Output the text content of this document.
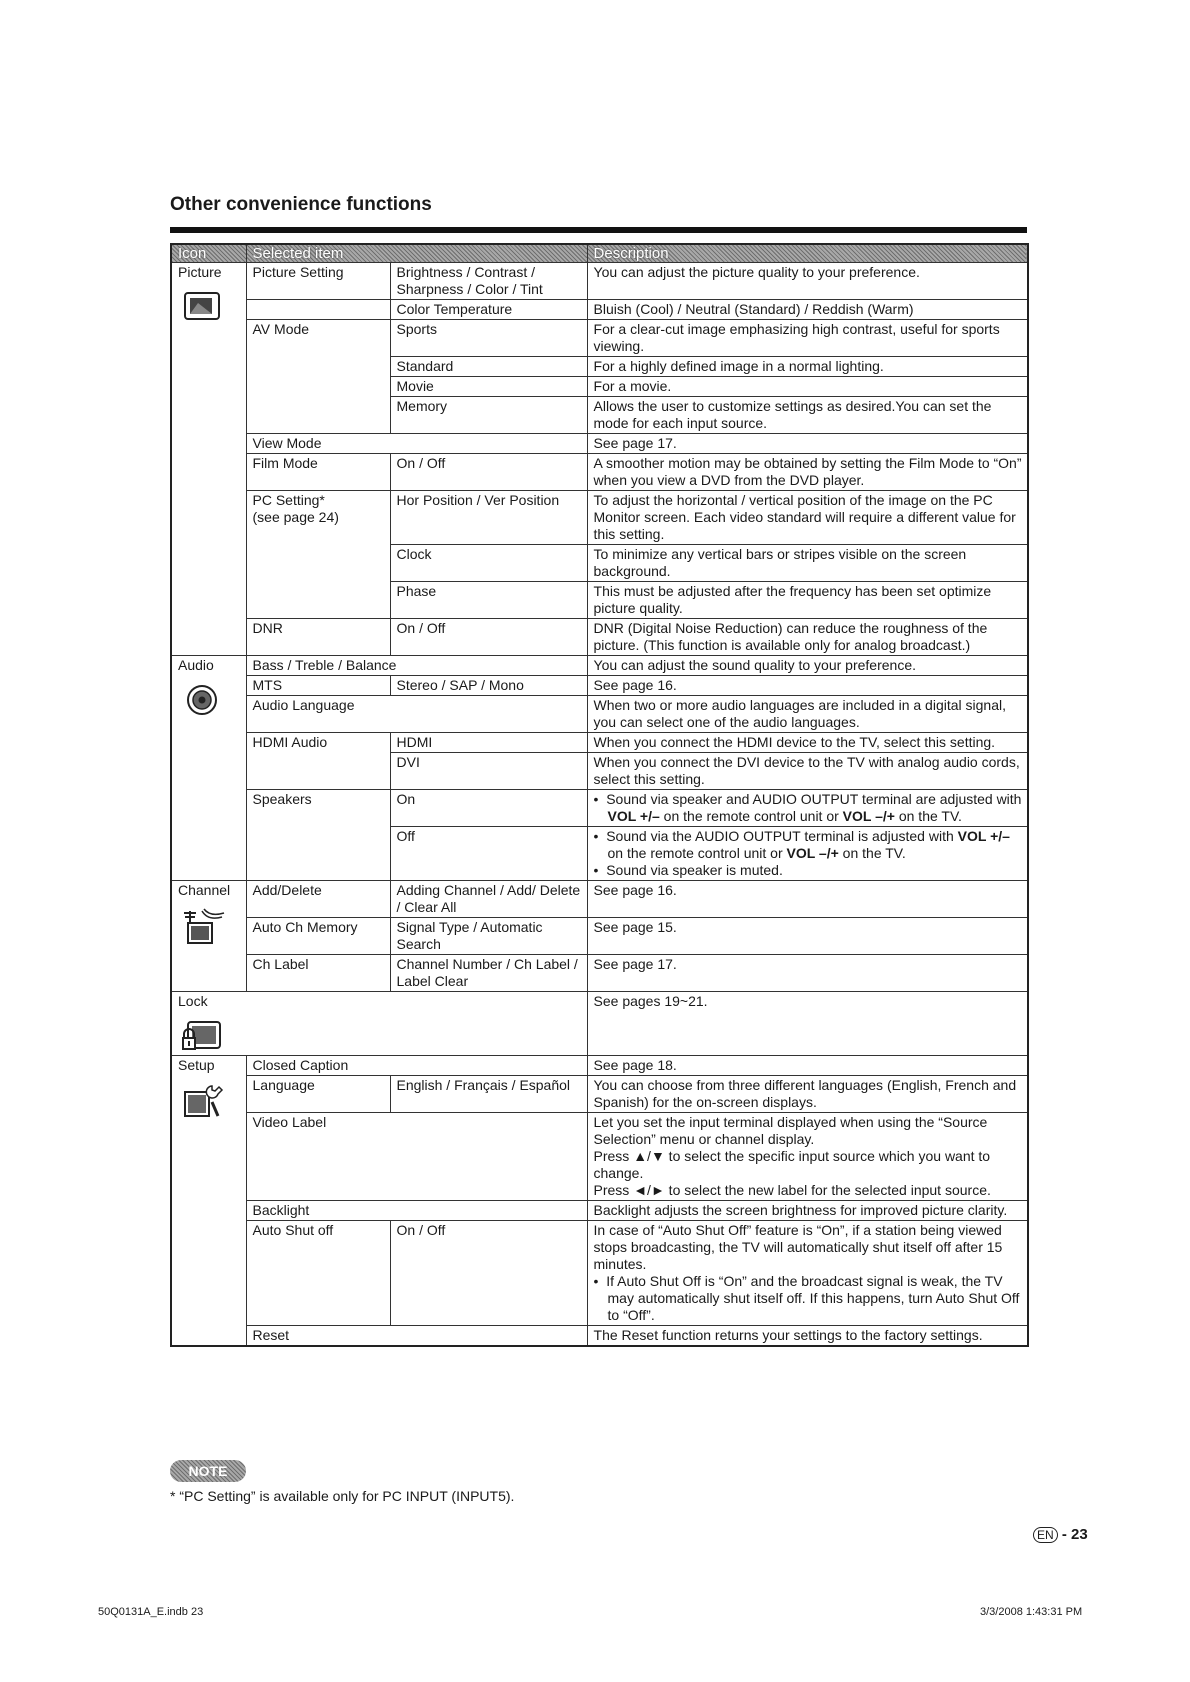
Other convenience functions
Icon	Selected item		Description
Picture	Picture Setting	Brightness / Contrast / Sharpness / Color / Tint	You can adjust the picture quality to your preference.
		Color Temperature	Bluish (Cool) / Neutral (Standard) / Reddish (Warm)
	AV Mode	Sports	For a clear-cut image emphasizing high contrast, useful for sports viewing.
		Standard	For a highly defined image in a normal lighting.
		Movie	For a movie.
		Memory	Allows the user to customize settings as desired.You can set the mode for each input source.
	View Mode		See page 17.
	Film Mode	On / Off	A smoother motion may be obtained by setting the Film Mode to “On” when you view a DVD from the DVD player.
	PC Setting*
(see page 24)	Hor Position / Ver Position	To adjust the horizontal / vertical position of the image on the PC Monitor screen. Each video standard will require a different value for this setting.
		Clock	To minimize any vertical bars or stripes visible on the screen background.
		Phase	This must be adjusted after the frequency has been set optimize picture quality.
	DNR	On / Off	DNR (Digital Noise Reduction) can reduce the roughness of the picture. (This function is available only for analog broadcast.)
Audio	Bass / Treble / Balance		You can adjust the sound quality to your preference.
	MTS	Stereo / SAP / Mono	See page 16.
	Audio Language		When two or more audio languages are included in a digital signal, you can select one of the audio languages.
	HDMI Audio	HDMI	When you connect the HDMI device to the TV, select this setting.
		DVI	When you connect the DVI device to the TV with analog audio cords, select this setting.
	Speakers	On	•  Sound via speaker and AUDIO OUTPUT terminal are adjusted with VOL +/– on the remote control unit or VOL –/+ on the TV.

		Off	•  Sound via the AUDIO OUTPUT terminal is adjusted with VOL +/– on the remote control unit or VOL –/+ on the TV.
•  Sound via speaker is muted.

Channel	Add/Delete	Adding Channel / Add/ Delete / Clear All	See page 16.
	Auto Ch Memory	Signal Type / Automatic Search	See page 15.
	Ch Label	Channel Number / Ch Label / Label Clear	See page 17.
Lock			See pages 19~21.
Setup	Closed Caption		See page 18.
	Language	English / Français / Español	You can choose from three different languages (English, French and Spanish) for the on-screen displays.
	Video Label		Let you set the input terminal displayed when using the “Source Selection” menu or channel display.
Press ▲/▼ to select the specific input source which you want to change.
Press ◄/► to select the new label for the selected input source.

	Backlight		Backlight adjusts the screen brightness for improved picture clarity.
	Auto Shut off	On / Off	In case of “Auto Shut Off” feature is “On”, if a station being viewed stops broadcasting, the TV will automatically shut itself off after 15 minutes.
•  If Auto Shut Off is “On” and the broadcast signal is weak, the TV may automatically shut itself off. If this happens, turn Auto Shut Off to “Off”.

	Reset		The Reset function returns your settings to the factory settings.
NOTE
* “PC Setting” is available only for PC INPUT (INPUT5).
EN - 23
50Q0131A_E.indb 23	3/3/2008 1:43:31 PM
